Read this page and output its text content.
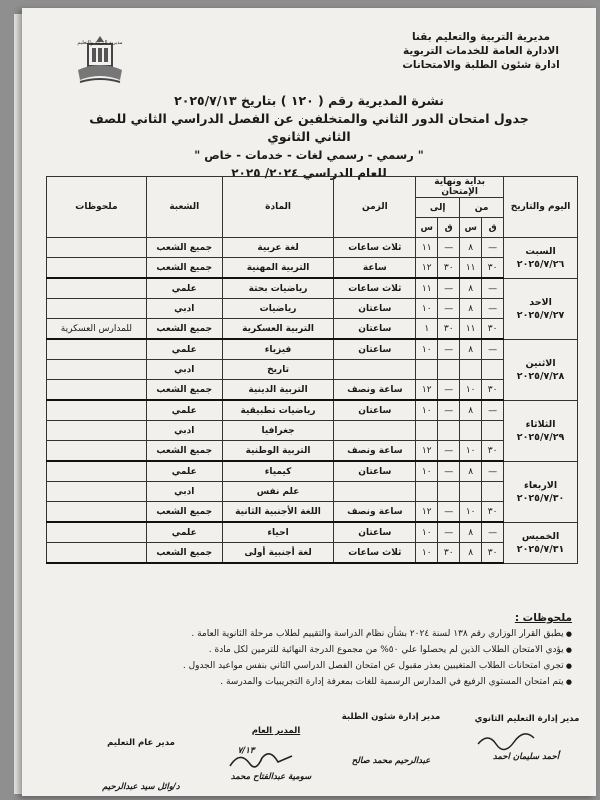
مديرية التربية والتعليم بقنا
الادارة العامة للخدمات التربوية
ادارة شئون الطلبة والامتحانات
مديرية التربية والتعليم
نشرة المديرية رقم ( ١٢٠ ) بتاريخ ٢٠٢٥/٧/١٣
جدول امتحان الدور الثاني والمتخلفين عن الفصل الدراسي الثاني للصف الثاني الثانوي
" رسمي - رسمي لغات - خدمات - خاص "
للعام الدراسي ٢٠٢٤/ ٢٠٢٥
اليوم والتاريخ	بداية ونهاية الإمتحان				الزمن	المادة	الشعبة	ملحوظات
	من		إلى					
	ق	س	ق	س				

السبت
٢٠٢٥/٧/٢٦	—	٨	—	١١	ثلاث ساعات	لغة عربية	جميع الشعب	
	٣٠	١١	٣٠	١٢	ساعة	التربية المهنية	جميع الشعب	

الاحد
٢٠٢٥/٧/٢٧	—	٨	—	١١	ثلاث ساعات	رياضيات بحتة	علمي	
	—	٨	—	١٠	ساعتان	رياضيات	ادبي	
	٣٠	١١	٣٠	١	ساعتان	التربية العسكرية	جميع الشعب	للمدارس العسكرية

الاثنين
٢٠٢٥/٧/٢٨	—	٨	—	١٠	ساعتان	فيزياء	علمي	
						تاريخ	ادبي	
	٣٠	١٠	—	١٢	ساعة ونصف	التربية الدينية	جميع الشعب	

الثلاثاء
٢٠٢٥/٧/٢٩	—	٨	—	١٠	ساعتان	رياضيات تطبيقية	علمي	
						جغرافيا	ادبي	
	٣٠	١٠	—	١٢	ساعة ونصف	التربية الوطنية	جميع الشعب	

الاربعاء
٢٠٢٥/٧/٣٠	—	٨	—	١٠	ساعتان	كيمياء	علمي	
						علم نفس	ادبي	
	٣٠	١٠	—	١٢	ساعة ونصف	اللغة الأجنبية الثانية	جميع الشعب	

الخميس
٢٠٢٥/٧/٣١	—	٨	—	١٠	ساعتان	احياء	علمي	
	٣٠	٨	٣٠	١٠	ثلاث ساعات	لغة أجنبية أولى	جميع الشعب	
ملحوظات :
● يطبق القرار الوزاري رقم ١٣٨ لسنة ٢٠٢٤ بشأن نظام الدراسة والتقييم لطلاب مرحلة الثانوية العامة .
● يؤدي الامتحان الطلاب الذين لم يحصلوا علي ٥٠% من مجموع الدرجة النهائية للترمين لكل مادة .
● تجري امتحانات الطلاب المتغيبين بعذر مقبول عن امتحان الفصل الدراسي الثاني بنفس مواعيد الجدول .
● يتم امتحان المستوي الرفيع في المدارس الرسمية للغات بمعرفة إدارة التجريبيات والمدرسة .
مدير إدارة التعليم الثانوي
مدير إدارة شئون الطلبة
المدير العام
مدير عام التعليم
٧/١٣
أحمد سليمان احمد
عبدالرحيم محمد صالح
سومية عبدالفتاح محمد
د/وائل سيد عبدالرحيم
